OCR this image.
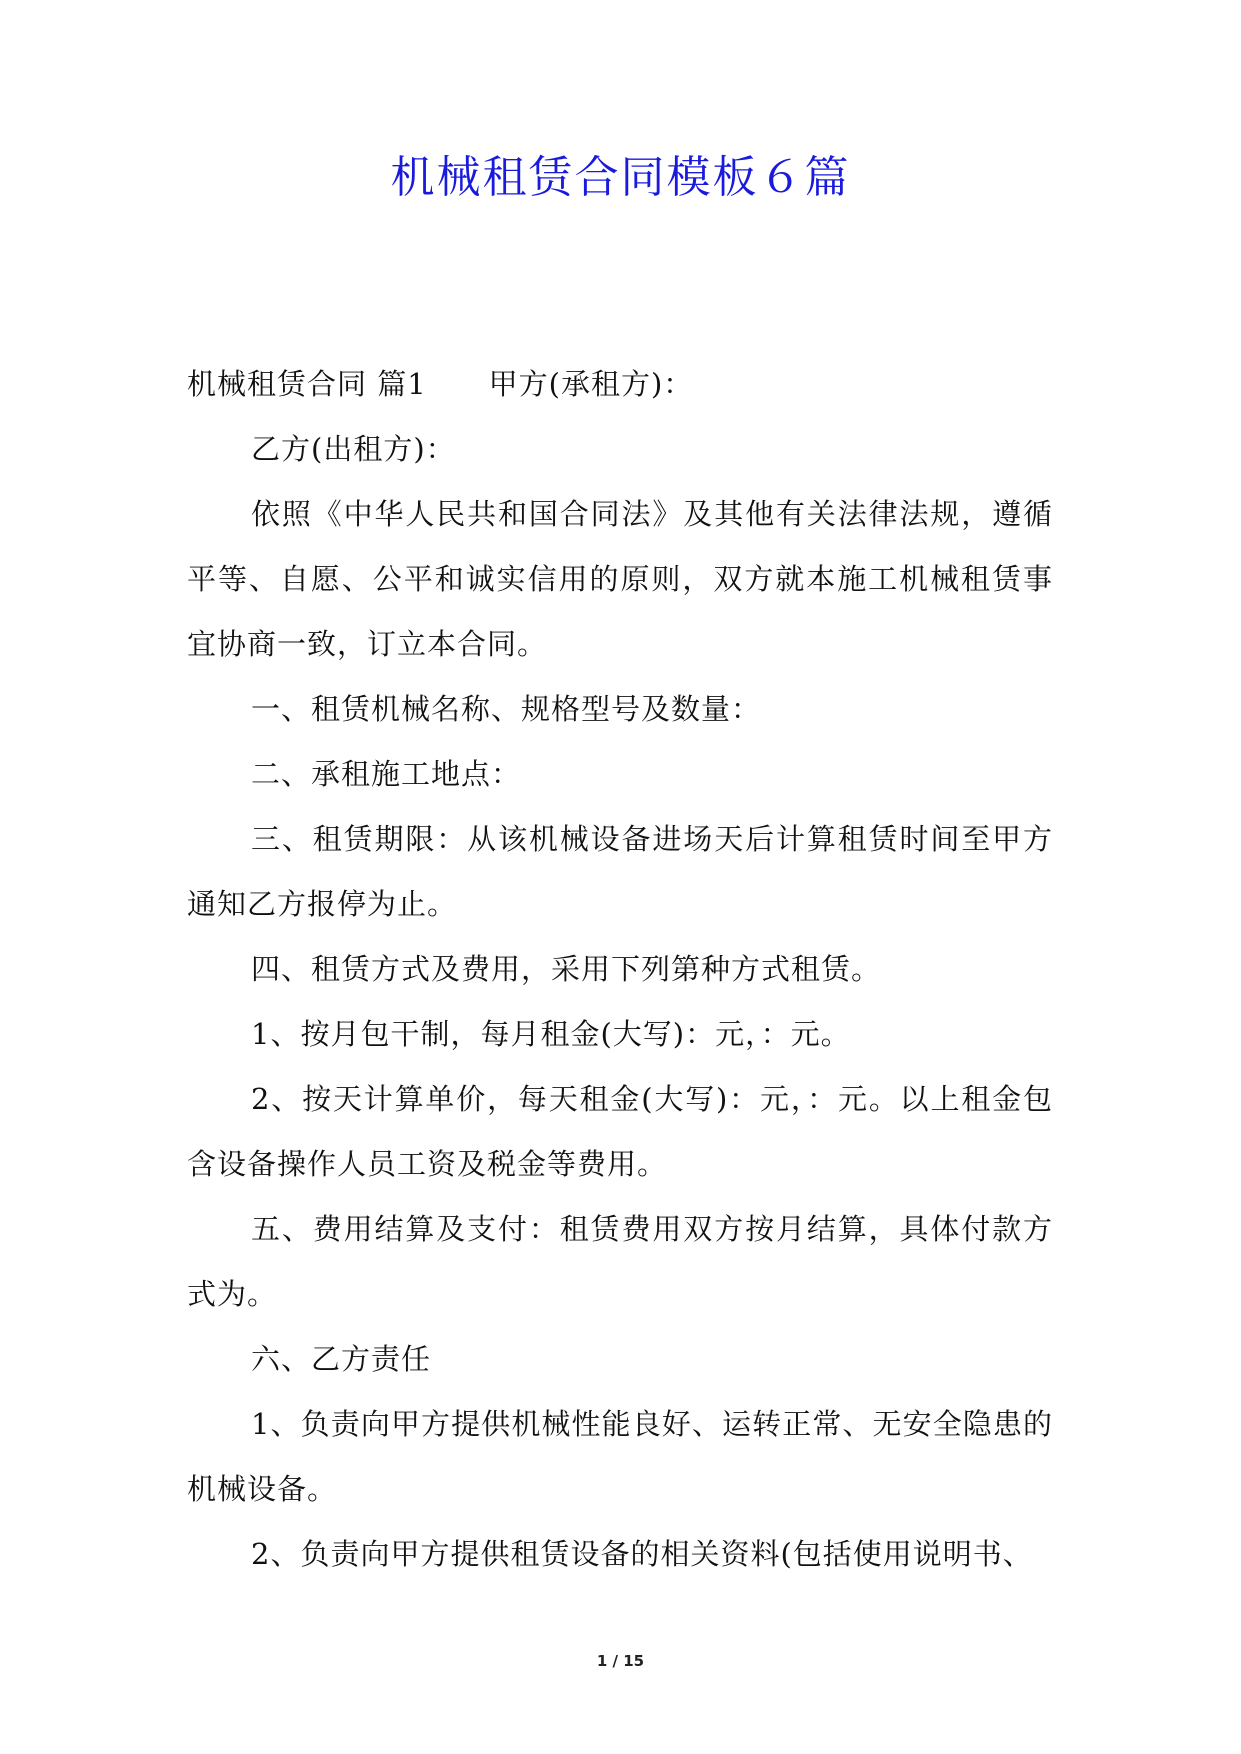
机械租赁合同模板６篇

机械租赁合同 篇1 甲方(承租方)：

乙方(出租方)：

依照《中华人民共和国合同法》及其他有关法律法规，遵循平等、自愿、公平和诚实信用的原则，双方就本施工机械租赁事宜协商一致，订立本合同。

一、租赁机械名称、规格型号及数量：

二、承租施工地点：

三、租赁期限：从该机械设备进场天后计算租赁时间至甲方通知乙方报停为止。

四、租赁方式及费用，采用下列第种方式租赁。

1、按月包干制，每月租金(大写)：元，：元。

2、按天计算单价，每天租金(大写)：元，：元。以上租金包含设备操作人员工资及税金等费用。

五、费用结算及支付：租赁费用双方按月结算，具体付款方式为。

六、乙方责任

1、负责向甲方提供机械性能良好、运转正常、无安全隐患的机械设备。

2、负责向甲方提供租赁设备的相关资料(包括使用说明书、

1 / 15
